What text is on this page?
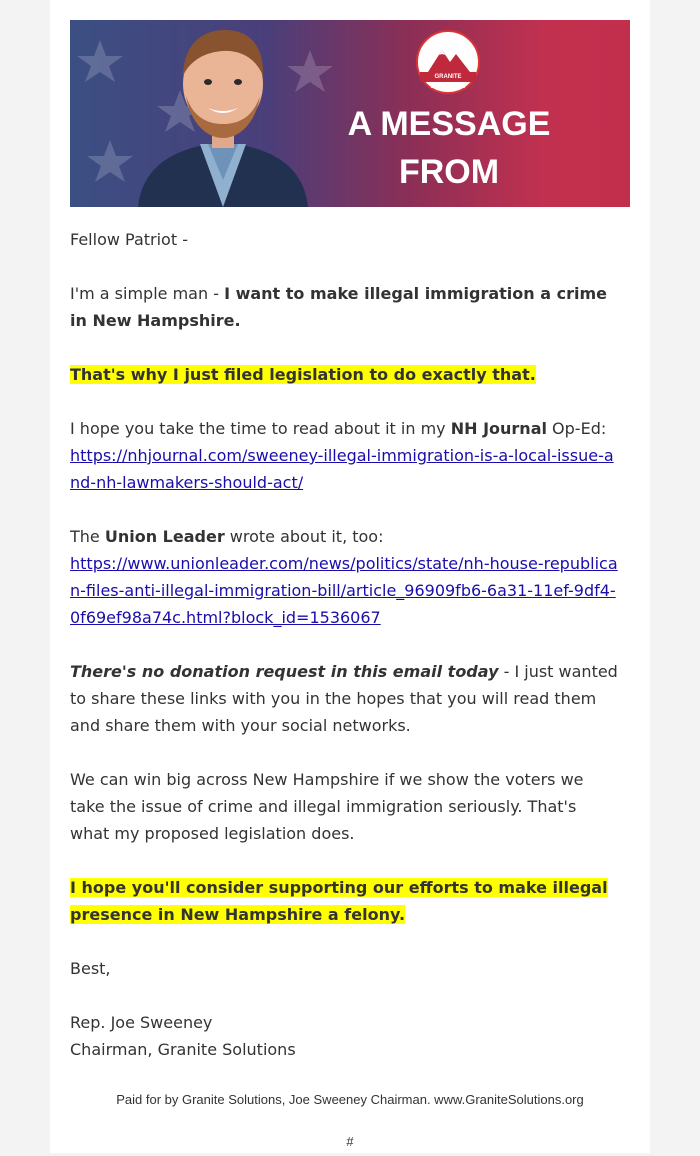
GRANITE SOLUTIONS
A MESSAGE FROM
JOE SWEENEY

Fellow Patriot -

I'm a simple man - I want to make illegal immigration a crime in New Hampshire.

That's why I just filed legislation to do exactly that.

I hope you take the time to read about it in my NH Journal Op-Ed:
https://nhjournal.com/sweeney-illegal-immigration-is-a-local-issue-and-nh-lawmakers-should-act/

The Union Leader wrote about it, too:
https://www.unionleader.com/news/politics/state/nh-house-republican-files-anti-illegal-immigration-bill/article_96909fb6-6a31-11ef-9df4-0f69ef98a74c.html?block_id=1536067

There's no donation request in this email today - I just wanted to share these links with you in the hopes that you will read them and share them with your social networks.

We can win big across New Hampshire if we show the voters we take the issue of crime and illegal immigration seriously. That's what my proposed legislation does.

I hope you'll consider supporting our efforts to make illegal presence in New Hampshire a felony.

Best,

Rep. Joe Sweeney
Chairman, Granite Solutions

Paid for by Granite Solutions, Joe Sweeney Chairman. www.GraniteSolutions.org
#
